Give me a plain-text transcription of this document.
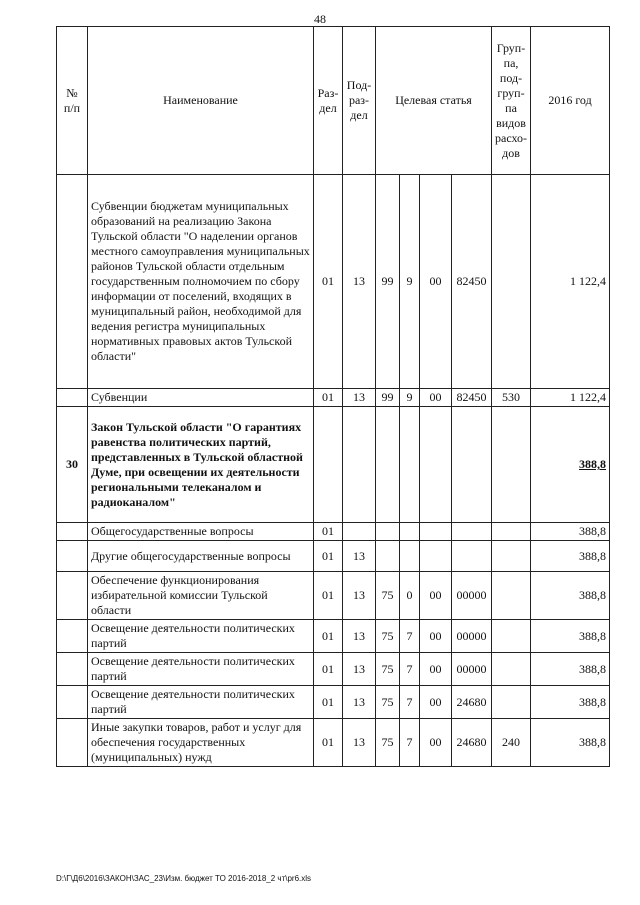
48
№ п/п	Наименование	Раз-дел	Под-раз-дел	Целевая статья				Груп-па, под-груп-па видов расхо-дов	2016 год
	Субвенции бюджетам муниципальных образований на реализацию Закона Тульской области "О наделении органов местного самоуправления муниципальных районов Тульской области отдельным государственным полномочием по сбору информации от поселений, входящих в муниципальный район, необходимой для ведения регистра муниципальных нормативных правовых актов Тульской области"	01	13	99	9	00	82450		1 122,4
	Субвенции	01	13	99	9	00	82450	530	1 122,4
30	Закон Тульской области "О гарантиях равенства политических партий, представленных в Тульской областной Думе, при освещении их деятельности региональными телеканалом и радиоканалом"								388,8
	Общегосударственные вопросы	01							388,8
	Другие общегосударственные вопросы	01	13						388,8
	Обеспечение функционирования избирательной комиссии Тульской области	01	13	75	0	00	00000		388,8
	Освещение деятельности политических партий	01	13	75	7	00	00000		388,8
	Освещение деятельности политических партий	01	13	75	7	00	00000		388,8
	Освещение деятельности политических партий	01	13	75	7	00	24680		388,8
	Иные закупки товаров, работ и услуг для обеспечения государственных (муниципальных) нужд	01	13	75	7	00	24680	240	388,8
D:\Г\Д6\2016\ЗАКОН\ЗАС_23\Изм. бюджет ТО 2016-2018_2 чт\pr6.xls
